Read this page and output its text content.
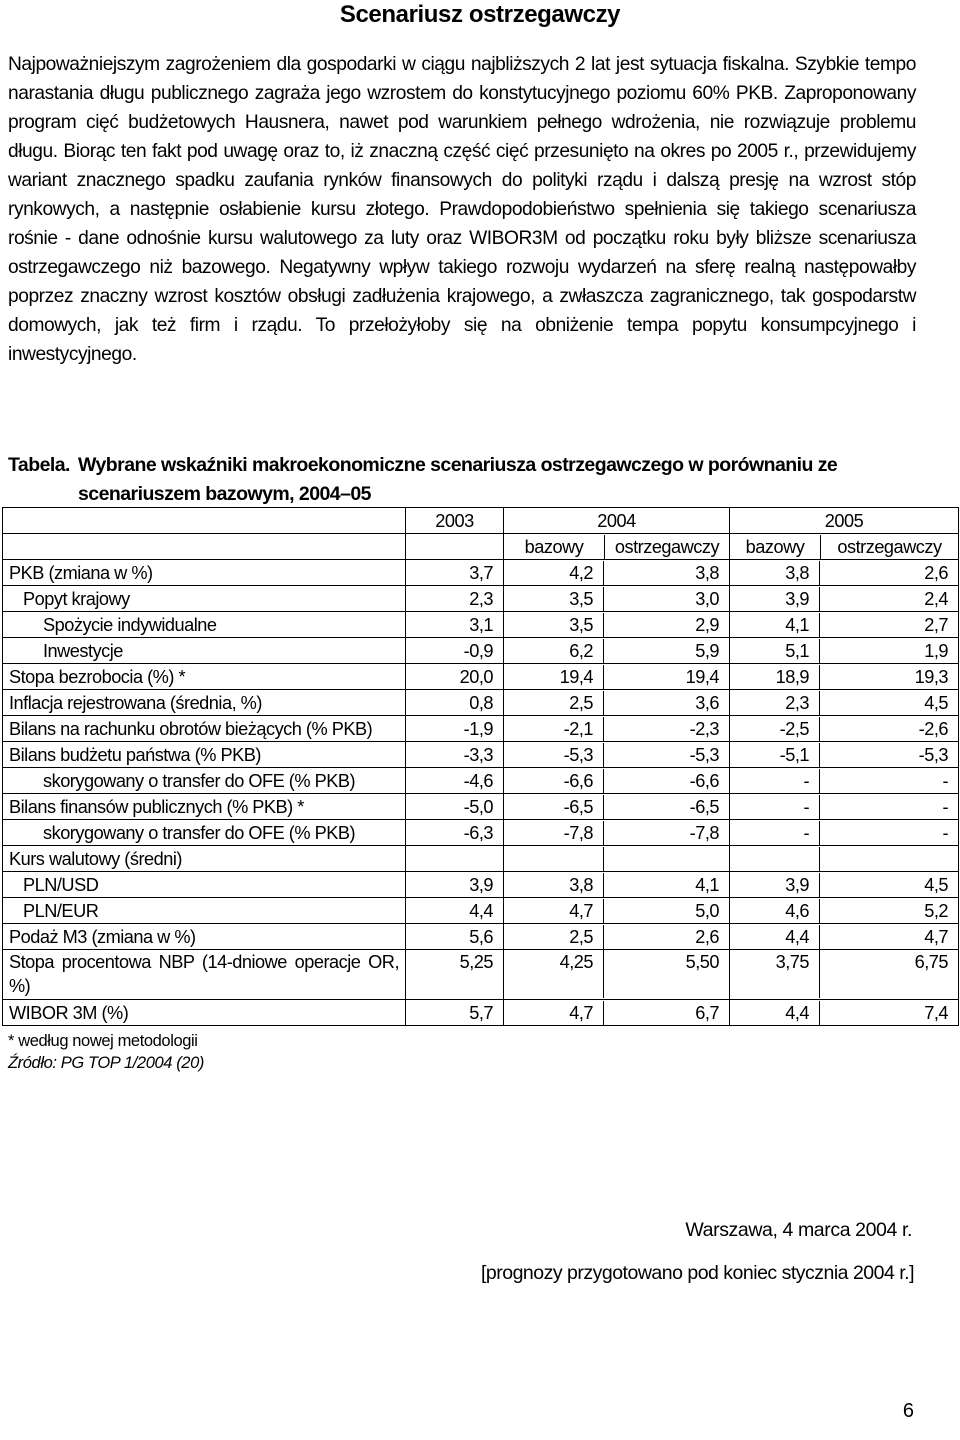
Scenariusz ostrzegawczy

Najpoważniejszym zagrożeniem dla gospodarki w ciągu najbliższych 2 lat jest sytuacja fiskalna. Szybkie tempo narastania długu publicznego zagraża jego wzrostem do konstytucyjnego poziomu 60% PKB. Zaproponowany program cięć budżetowych Hausnera, nawet pod warunkiem pełnego wdrożenia, nie rozwiązuje problemu długu. Biorąc ten fakt pod uwagę oraz to, iż znaczną część cięć przesunięto na okres po 2005 r., przewidujemy wariant znacznego spadku zaufania rynków finansowych do polityki rządu i dalszą presję na wzrost stóp rynkowych, a następnie osłabienie kursu złotego. Prawdopodobieństwo spełnienia się takiego scenariusza rośnie - dane odnośnie kursu walutowego za luty oraz WIBOR3M od początku roku były bliższe scenariusza ostrzegawczego niż bazowego. Negatywny wpływ takiego rozwoju wydarzeń na sferę realną następowałby poprzez znaczny wzrost kosztów obsługi zadłużenia krajowego, a zwłaszcza zagranicznego, tak gospodarstw domowych, jak też firm i rządu. To przełożyłoby się na obniżenie tempa popytu konsumpcyjnego i inwestycyjnego.

Tabela. Wybrane wskaźniki makroekonomiczne scenariusza ostrzegawczego w porównaniu ze
scenariuszem bazowym, 2004–05
	2003	2004	2005

		bazowy ostrzegawczy	bazowy ostrzegawczy

PKB (zmiana w %)	3,7	4,2 3,8	3,8 2,6

Popyt krajowy	2,3	3,5 3,0	3,9 2,4

Spożycie indywidualne	3,1	3,5 2,9	4,1 2,7

Inwestycje	-0,9	6,2 5,9	5,1 1,9

Stopa bezrobocia (%) *	20,0	19,4 19,4	18,9 19,3

Inflacja rejestrowana (średnia, %)	0,8	2,5 3,6	2,3 4,5

Bilans na rachunku obrotów bieżących (% PKB)	-1,9	-2,1 -2,3	-2,5 -2,6

Bilans budżetu państwa (% PKB)	-3,3	-5,3 -5,3	-5,1 -5,3

skorygowany o transfer do OFE (% PKB)	-4,6	-6,6 -6,6	- -

Bilans finansów publicznych (% PKB) *	-5,0	-6,5 -6,5	- -

skorygowany o transfer do OFE (% PKB)	-6,3	-7,8 -7,8	- -

Kurs walutowy (średni)		

PLN/USD	3,9	3,8 4,1	3,9 4,5

PLN/EUR	4,4	4,7 5,0	4,6 5,2

Podaż M3 (zmiana w %)	5,6	2,5 2,6	4,4 4,7

Stopa procentowa NBP (14-dniowe operacje OR, %)	5,25	4,25 5,50	3,75 6,75

WIBOR 3M (%)	5,7	4,7 6,7	4,4 7,4
* według nowej metodologii
Źródło: PG TOP 1/2004 (20)
Warszawa, 4 marca 2004 r.
[prognozy przygotowano pod koniec stycznia 2004 r.]
6
